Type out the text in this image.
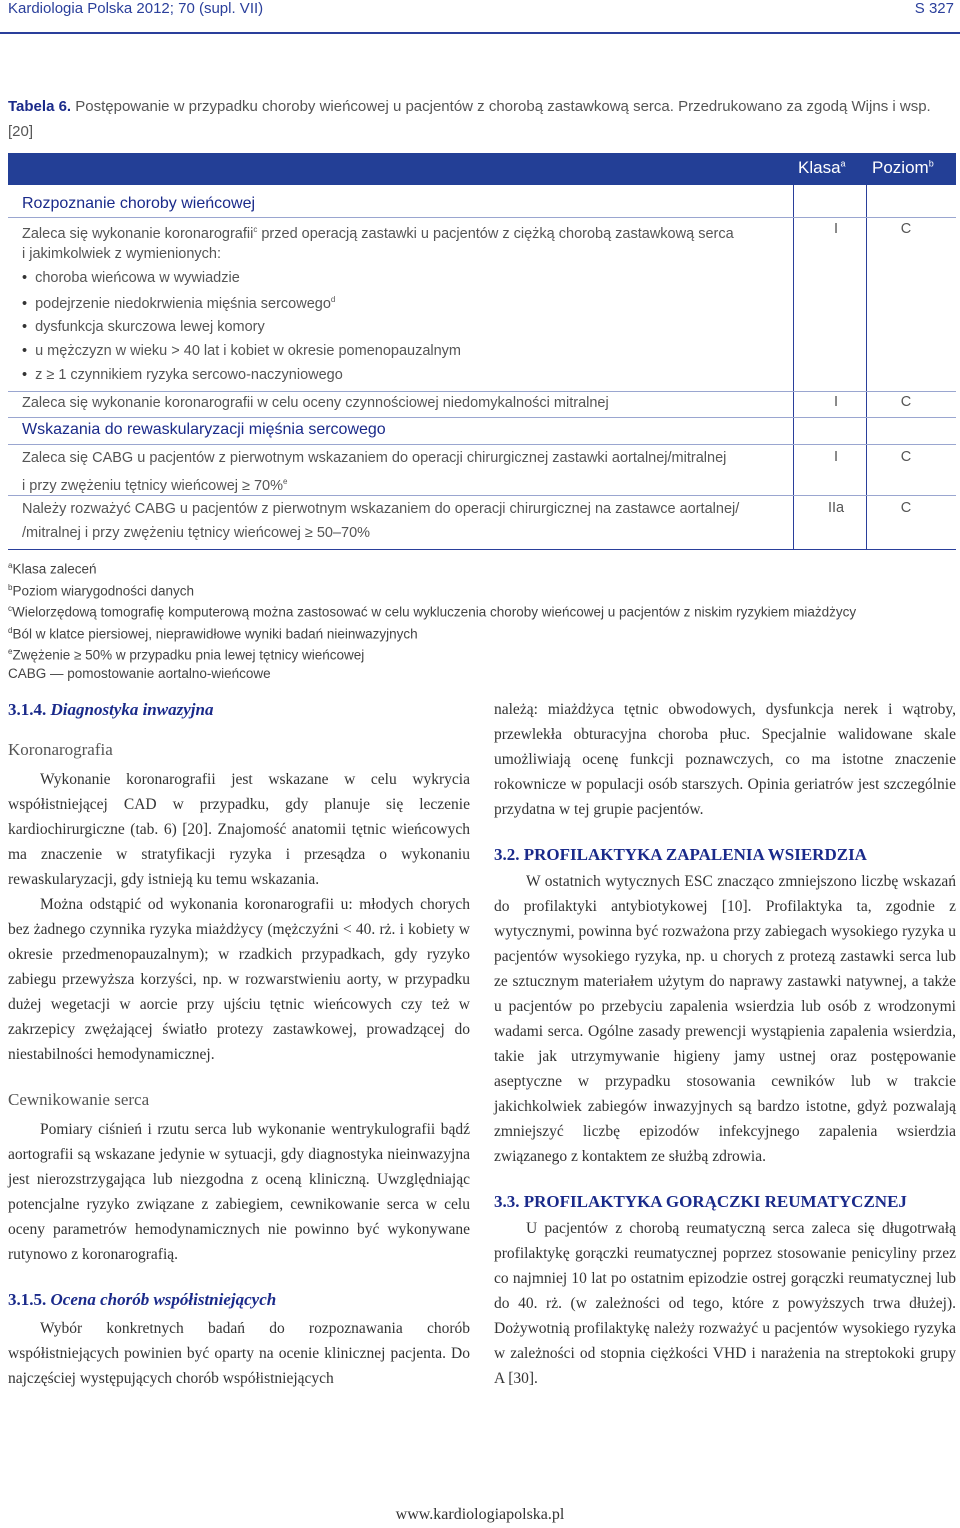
Kardiologia Polska 2012; 70 (supl. VII)	S 327
Tabela 6. Postępowanie w przypadku choroby wieńcowej u pacjentów z chorobą zastawkową serca. Przedrukowano za zgodą Wijns i wsp. [20]
Klasa$^a$ Poziom$^b$
Rozpoznanie choroby wieńcowej
Zaleca się wykonanie koronarografii$^c$ przed operacją zastawki u pacjentów z ciężką chorobą zastawkową serca
i jakimkolwiek z wymienionych:
• choroba wieńcowa w wywiadzie
• podejrzenie niedokrwienia mięśnia sercowego$^d$
• dysfunkcja skurczowa lewej komory
• u mężczyzn w wieku > 40 lat i kobiet w okresie pomenopauzalnym
• z ≥ 1 czynnikiem ryzyka sercowo-naczyniowego
I	C
Zaleca się wykonanie koronarografii w celu oceny czynnościowej niedomykalności mitralnej	I	C
Wskazania do rewaskularyzacji mięśnia sercowego
Zaleca się CABG u pacjentów z pierwotnym wskazaniem do operacji chirurgicznej zastawki aortalnej/mitralnej
i przy zwężeniu tętnicy wieńcowej ≥ 70%$^e$
I	C
Należy rozważyć CABG u pacjentów z pierwotnym wskazaniem do operacji chirurgicznej na zastawce aortalnej/
/mitralnej i przy zwężeniu tętnicy wieńcowej ≥ 50–70%
IIa	C
$^a$Klasa zaleceń
$^b$Poziom wiarygodności danych
$^c$Wielorzędową tomografię komputerową można zastosować w celu wykluczenia choroby wieńcowej u pacjentów z niskim ryzykiem miażdżycy
$^d$Ból w klatce piersiowej, nieprawidłowe wyniki badań nieinwazyjnych
$^e$Zwężenie ≥ 50% w przypadku pnia lewej tętnicy wieńcowej
CABG — pomostowanie aortalno-wieńcowe
3.1.4. Diagnostyka inwazyjna
Koronarografia

Wykonanie koronarografii jest wskazane w celu wykrycia współistniejącej CAD w przypadku, gdy planuje się leczenie kardiochirurgiczne (tab. 6) [20]. Znajomość anatomii tętnic wieńcowych ma znaczenie w stratyfikacji ryzyka i przesądza o wykonaniu rewaskularyzacji, gdy istnieją ku temu wskazania.

Można odstąpić od wykonania koronarografii u: młodych chorych bez żadnego czynnika ryzyka miażdżycy (mężczyźni < 40. rż. i kobiety w okresie przedmenopauzalnym); w rzadkich przypadkach, gdy ryzyko zabiegu przewyższa korzyści, np. w rozwarstwieniu aorty, w przypadku dużej wegetacji w aorcie przy ujściu tętnic wieńcowych czy też w zakrzepicy zwężającej światło protezy zastawkowej, prowadzącej do niestabilności hemodynamicznej.

Cewnikowanie serca

Pomiary ciśnień i rzutu serca lub wykonanie wentrykulografii bądź aortografii są wskazane jedynie w sytuacji, gdy diagnostyka nieinwazyjna jest nierozstrzygająca lub niezgodna z oceną kliniczną. Uwzględniając potencjalne ryzyko związane z zabiegiem, cewnikowanie serca w celu oceny parametrów hemodynamicznych nie powinno być wykonywane rutynowo z koronarografią.

3.1.5. Ocena chorób współistniejących

Wybór konkretnych badań do rozpoznawania chorób współistniejących powinien być oparty na ocenie klinicznej pacjenta. Do najczęściej występujących chorób współistniejących

należą: miażdżyca tętnic obwodowych, dysfunkcja nerek i wątroby, przewlekła obturacyjna choroba płuc. Specjalnie walidowane skale umożliwiają ocenę funkcji poznawczych, co ma istotne znaczenie rokownicze w populacji osób starszych. Opinia geriatrów jest szczególnie przydatna w tej grupie pacjentów.

3.2. PROFILAKTYKA ZAPALENIA WSIERDZIA

W ostatnich wytycznych ESC znacząco zmniejszono liczbę wskazań do profilaktyki antybiotykowej [10]. Profilaktyka ta, zgodnie z wytycznymi, powinna być rozważona przy zabiegach wysokiego ryzyka u pacjentów wysokiego ryzyka, np. u chorych z protezą zastawki serca lub ze sztucznym materiałem użytym do naprawy zastawki natywnej, a także u pacjentów po przebyciu zapalenia wsierdzia lub osób z wrodzonymi wadami serca. Ogólne zasady prewencji wystąpienia zapalenia wsierdzia, takie jak utrzymywanie higieny jamy ustnej oraz postępowanie aseptyczne w przypadku stosowania cewników lub w trakcie jakichkolwiek zabiegów inwazyjnych są bardzo istotne, gdyż pozwalają zmniejszyć liczbę epizodów infekcyjnego zapalenia wsierdzia związanego z kontaktem ze służbą zdrowia.

3.3. PROFILAKTYKA GORĄCZKI REUMATYCZNEJ

U pacjentów z chorobą reumatyczną serca zaleca się długotrwałą profilaktykę gorączki reumatycznej poprzez stosowanie penicyliny przez co najmniej 10 lat po ostatnim epizodzie ostrej gorączki reumatycznej lub do 40. rż. (w zależności od tego, które z powyższych trwa dłużej). Dożywotnią profilaktykę należy rozważyć u pacjentów wysokiego ryzyka w zależności od stopnia ciężkości VHD i narażenia na streptokoki grupy A [30].

www.kardiologiapolska.pl
